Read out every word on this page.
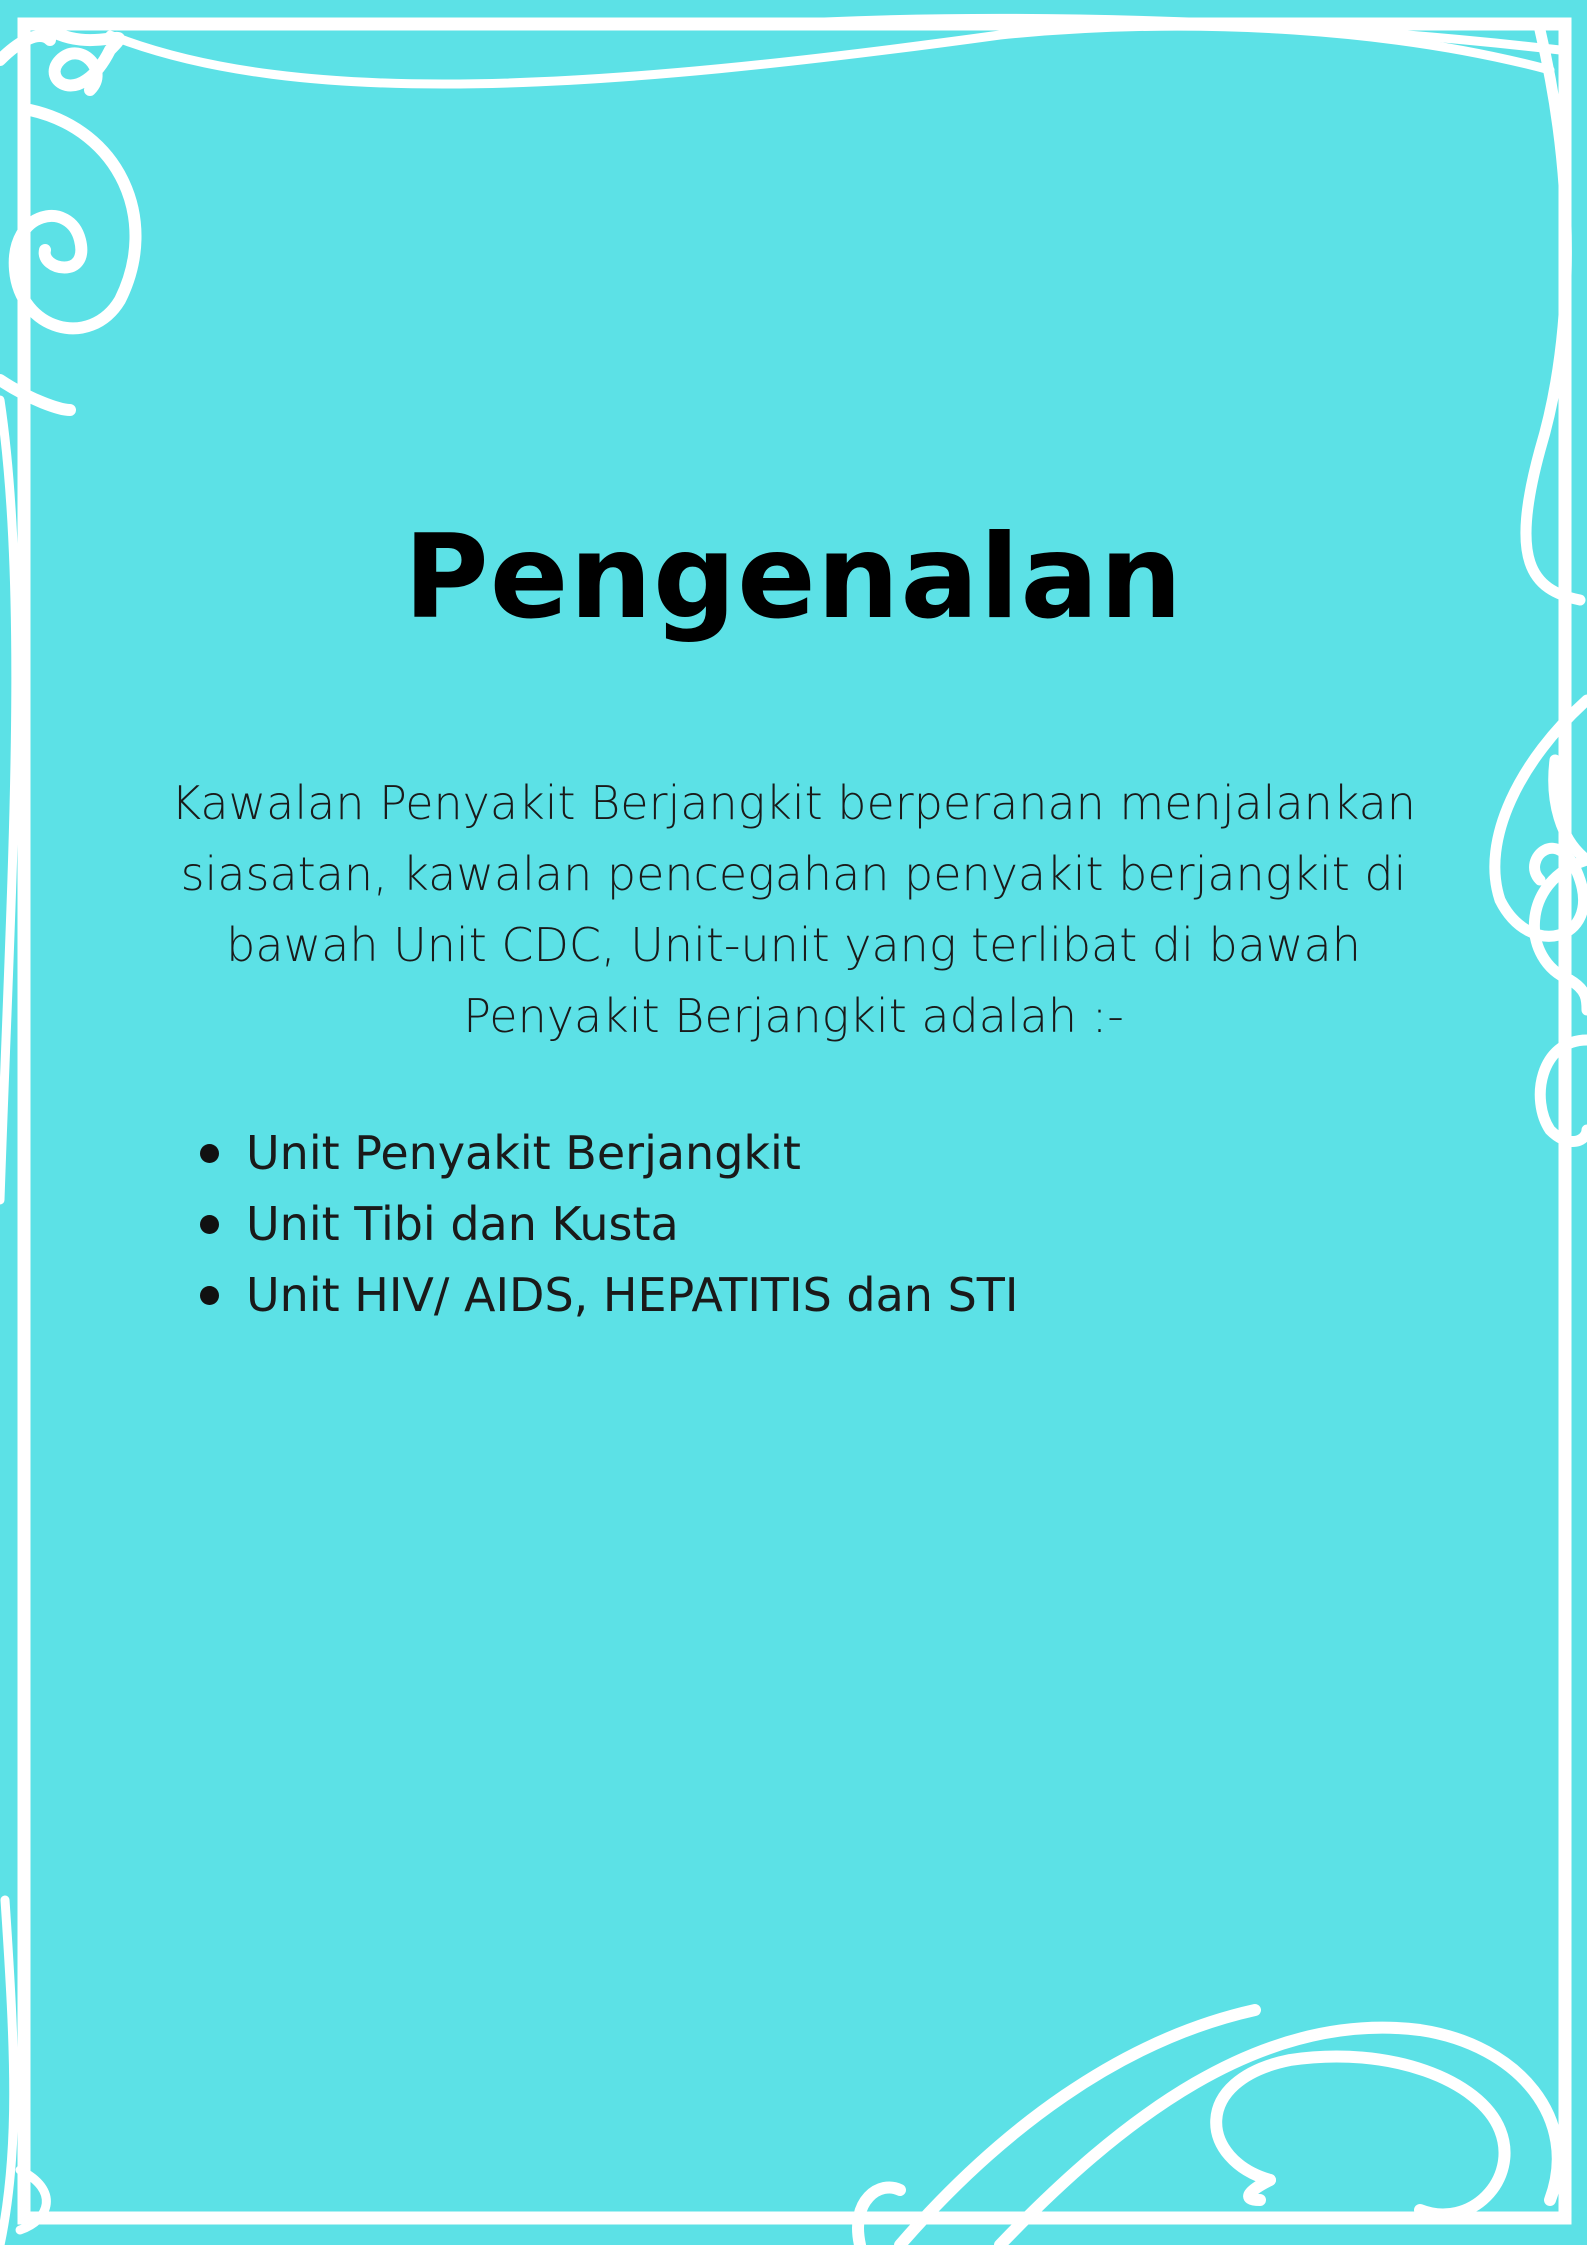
Pengenalan

Kawalan Penyakit Berjangkit berperanan menjalankan siasatan, kawalan pencegahan penyakit berjangkit di bawah Unit CDC, Unit-unit yang terlibat di bawah Penyakit Berjangkit adalah :-

Unit Penyakit Berjangkit
Unit Tibi dan Kusta
Unit HIV/ AIDS, HEPATITIS dan STI
